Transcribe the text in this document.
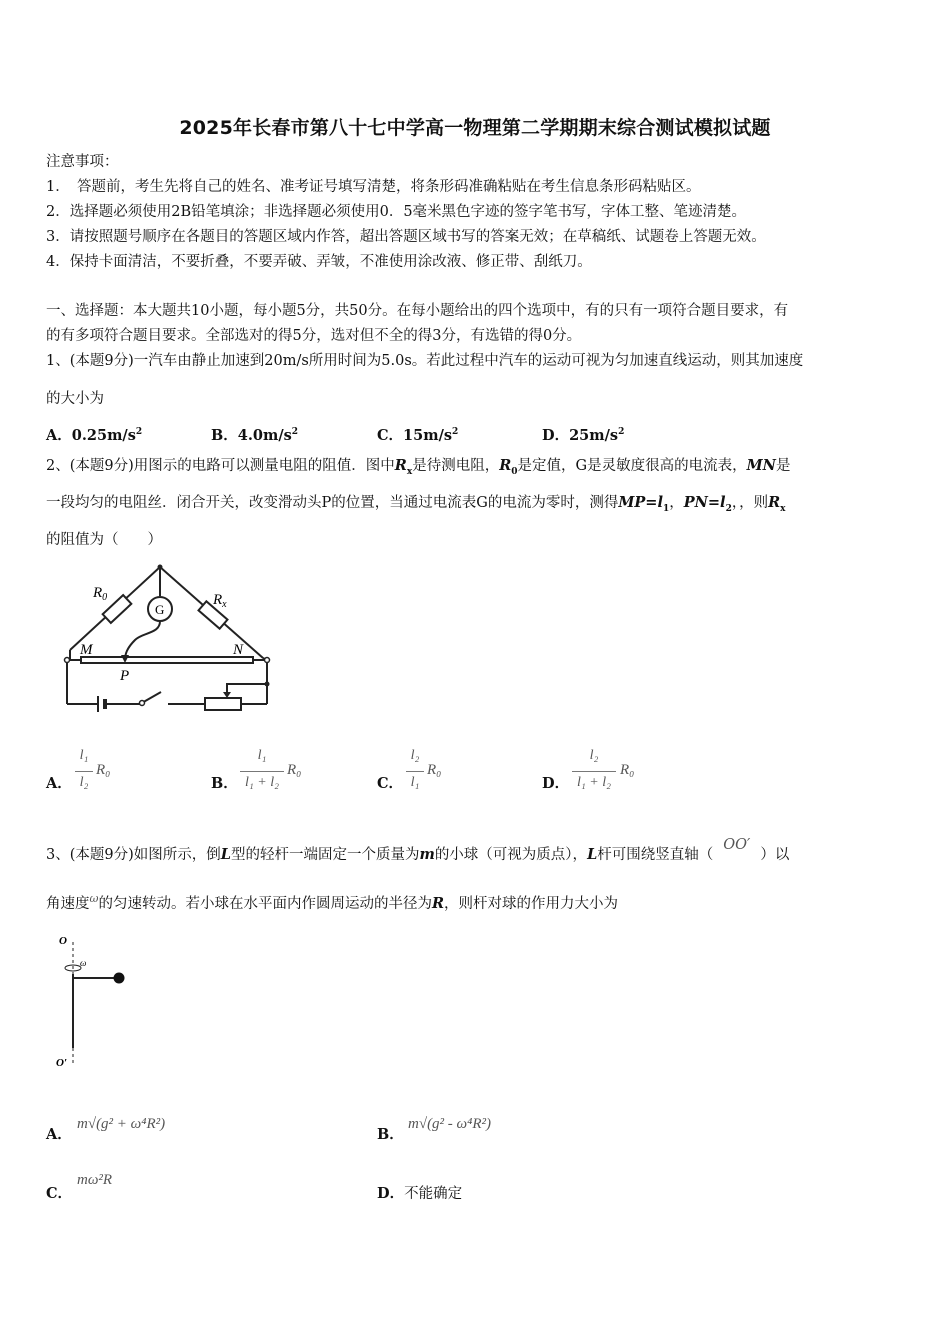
2025年长春市第八十七中学高一物理第二学期期末综合测试模拟试题
注意事项：
1．　答题前，考生先将自己的姓名、准考证号填写清楚，将条形码准确粘贴在考生信息条形码粘贴区。
2．选择题必须使用2B铅笔填涂；非选择题必须使用0．5毫米黑色字迹的签字笔书写，字体工整、笔迹清楚。
3．请按照题号顺序在各题目的答题区域内作答，超出答题区域书写的答案无效；在草稿纸、试题卷上答题无效。
4．保持卡面清洁，不要折叠，不要弄破、弄皱，不准使用涂改液、修正带、刮纸刀。
一、选择题：本大题共10小题，每小题5分，共50分。在每小题给出的四个选项中，有的只有一项符合题目要求，有
的有多项符合题目要求。全部选对的得5分，选对但不全的得3分，有选错的得0分。
1、(本题9分)一汽车由静止加速到20m/s所用时间为5.0s。若此过程中汽车的运动可视为匀加速直线运动，则其加速度
的大小为
A．$0.25m/s^2$	B．$4.0m/s^2$	C．$15m/s^2$	D．$25m/s^2$
2、(本题9分)用图示的电路可以测量电阻的阻值．图中$R_x$是待测电阻，$R_0$是定值，G是灵敏度很高的电流表，MN是
一段均匀的电阻丝．闭合开关，改变滑动头P的位置，当通过电流表G的电流为零时，测得$MP=l_1$，$PN=l_2$，，则$R_x$
的阻值为（　　）
$R_0$
G
$R_x$
M	N
P
A．
l₁
l₂
R₀
B．
l₁
l₁ + l₂
R₀
C．
l₂
l₁
R₀
D．
l₂
l₁ + l₂
R₀
3、(本题9分)如图所示，倒L型的轻杆一端固定一个质量为m的小球（可视为质点），L杆可围绕竖直轴（OO′）以
角速度$^\omega$的匀速转动。若小球在水平面内作圆周运动的半径为R，则杆对球的作用力大小为
O
ω
O′
A．
m√(g² + ω⁴R²)
B．
m√(g² - ω⁴R²)
C．
mω²R
D．不能确定
